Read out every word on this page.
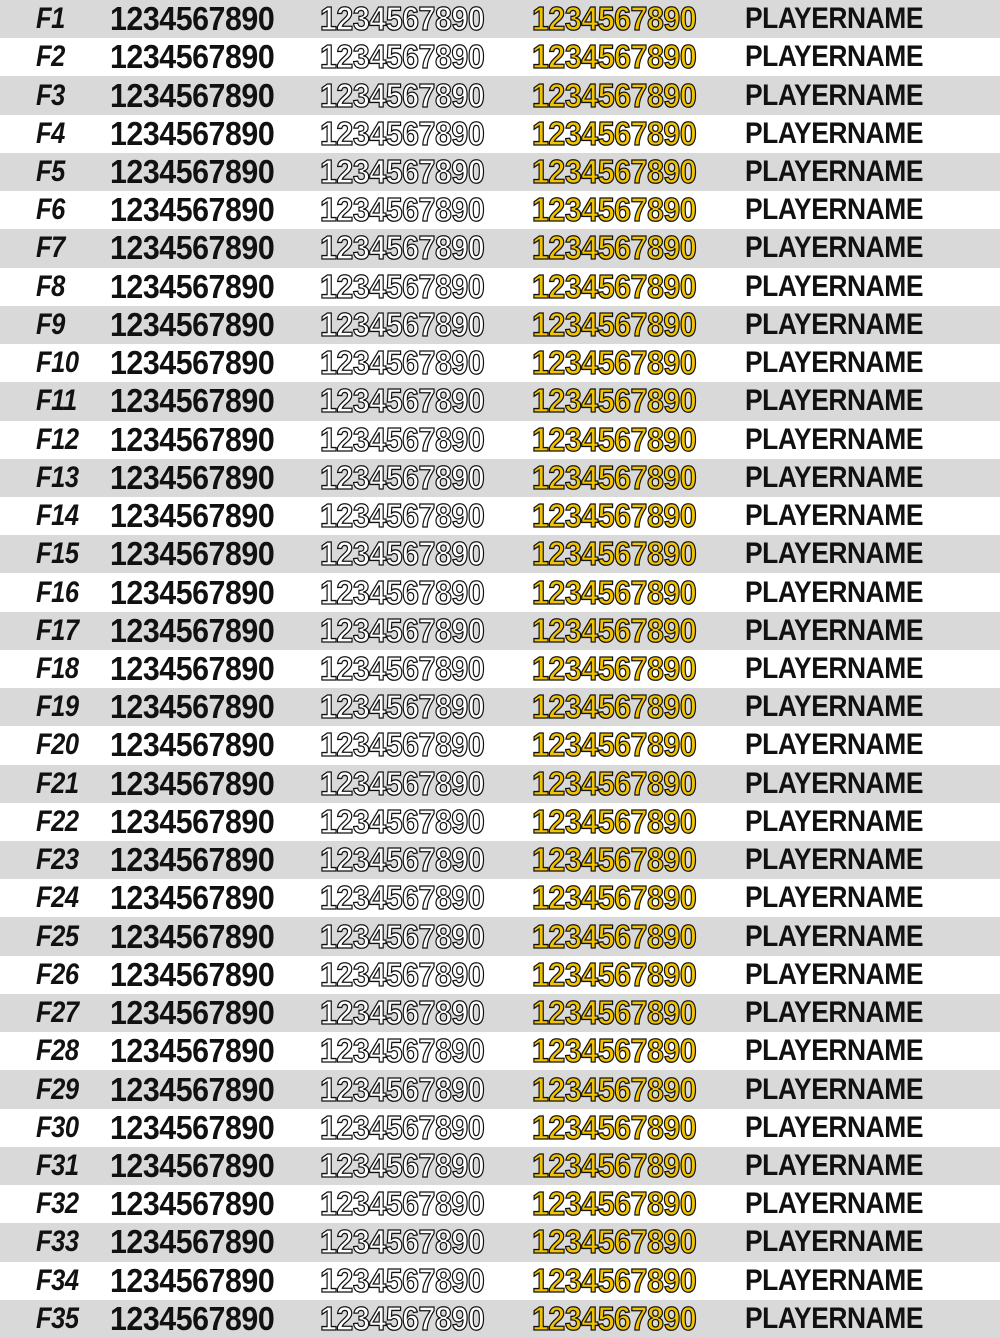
F1	1234567890	1234567890	1234567890	PLAYERNAME
F2	1234567890	1234567890	1234567890	PLAYERNAME
F3	1234567890	1234567890	1234567890	PLAYERNAME
F4	1234567890	1234567890	1234567890	PLAYERNAME
F5	1234567890	1234567890	1234567890	PLAYERNAME
F6	1234567890	1234567890	1234567890	PLAYERNAME
F7	1234567890	1234567890	1234567890	PLAYERNAME
F8	1234567890	1234567890	1234567890	PLAYERNAME
F9	1234567890	1234567890	1234567890	PLAYERNAME
F10 1234567890	1234567890	1234567890	PLAYERNAME
F11	1234567890	1234567890	1234567890	PLAYERNAME
F12 1234567890	1234567890	1234567890	PLAYERNAME
F13 1234567890	1234567890	1234567890	PLAYERNAME
F14 1234567890	1234567890	1234567890	PLAYERNAME
F15 1234567890	1234567890	1234567890	PLAYERNAME
F16 1234567890	1234567890	1234567890	PLAYERNAME
F17 1234567890	1234567890	1234567890	PLAYERNAME
F18 1234567890	1234567890	1234567890	PLAYERNAME
F19 1234567890	1234567890	1234567890	PLAYERNAME
F20 1234567890	1234567890	1234567890	PLAYERNAME
F21 1234567890	1234567890	1234567890	PLAYERNAME
F22 1234567890	1234567890	1234567890	PLAYERNAME
F23 1234567890	1234567890	1234567890	PLAYERNAME
F24 1234567890	1234567890	1234567890	PLAYERNAME
F25 1234567890	1234567890	1234567890	PLAYERNAME
F26 1234567890	1234567890	1234567890	PLAYERNAME
F27 1234567890	1234567890	1234567890	PLAYERNAME
F28 1234567890	1234567890	1234567890	PLAYERNAME
F29 1234567890	1234567890	1234567890	PLAYERNAME
F30 1234567890	1234567890	1234567890	PLAYERNAME
F31 1234567890	1234567890	1234567890	PLAYERNAME
F32 1234567890	1234567890	1234567890	PLAYERNAME
F33 1234567890	1234567890	1234567890	PLAYERNAME
F34 1234567890	1234567890	1234567890	PLAYERNAME
F35 1234567890	1234567890	1234567890	PLAYERNAME
